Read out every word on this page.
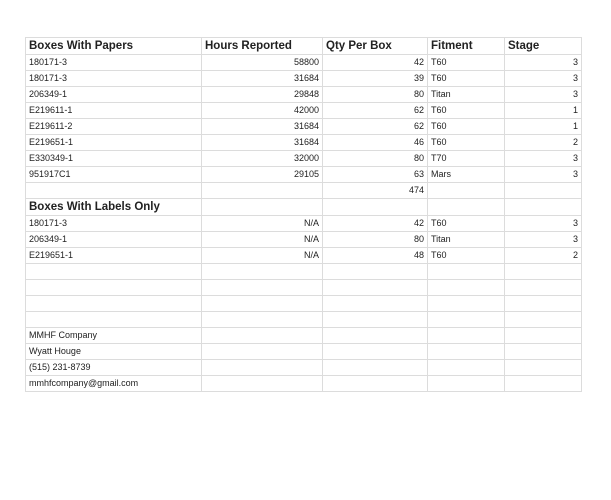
Boxes With Papers	Hours Reported	Qty Per Box	Fitment	Stage
180171-3	58800	42	T60	3
180171-3	31684	39	T60	3
206349-1	29848	80	Titan	3
E219611-1	42000	62	T60	1
E219611-2	31684	62	T60	1
E219651-1	31684	46	T60	2
E330349-1	32000	80	T70	3
951917C1	29105	63	Mars	3
		474		
Boxes With Labels Only				
180171-3	N/A	42	T60	3
206349-1	N/A	80	Titan	3
E219651-1	N/A	48	T60	2

MMHF Company				
Wyatt Houge				
(515) 231-8739				
mmhfcompany@gmail.com				
